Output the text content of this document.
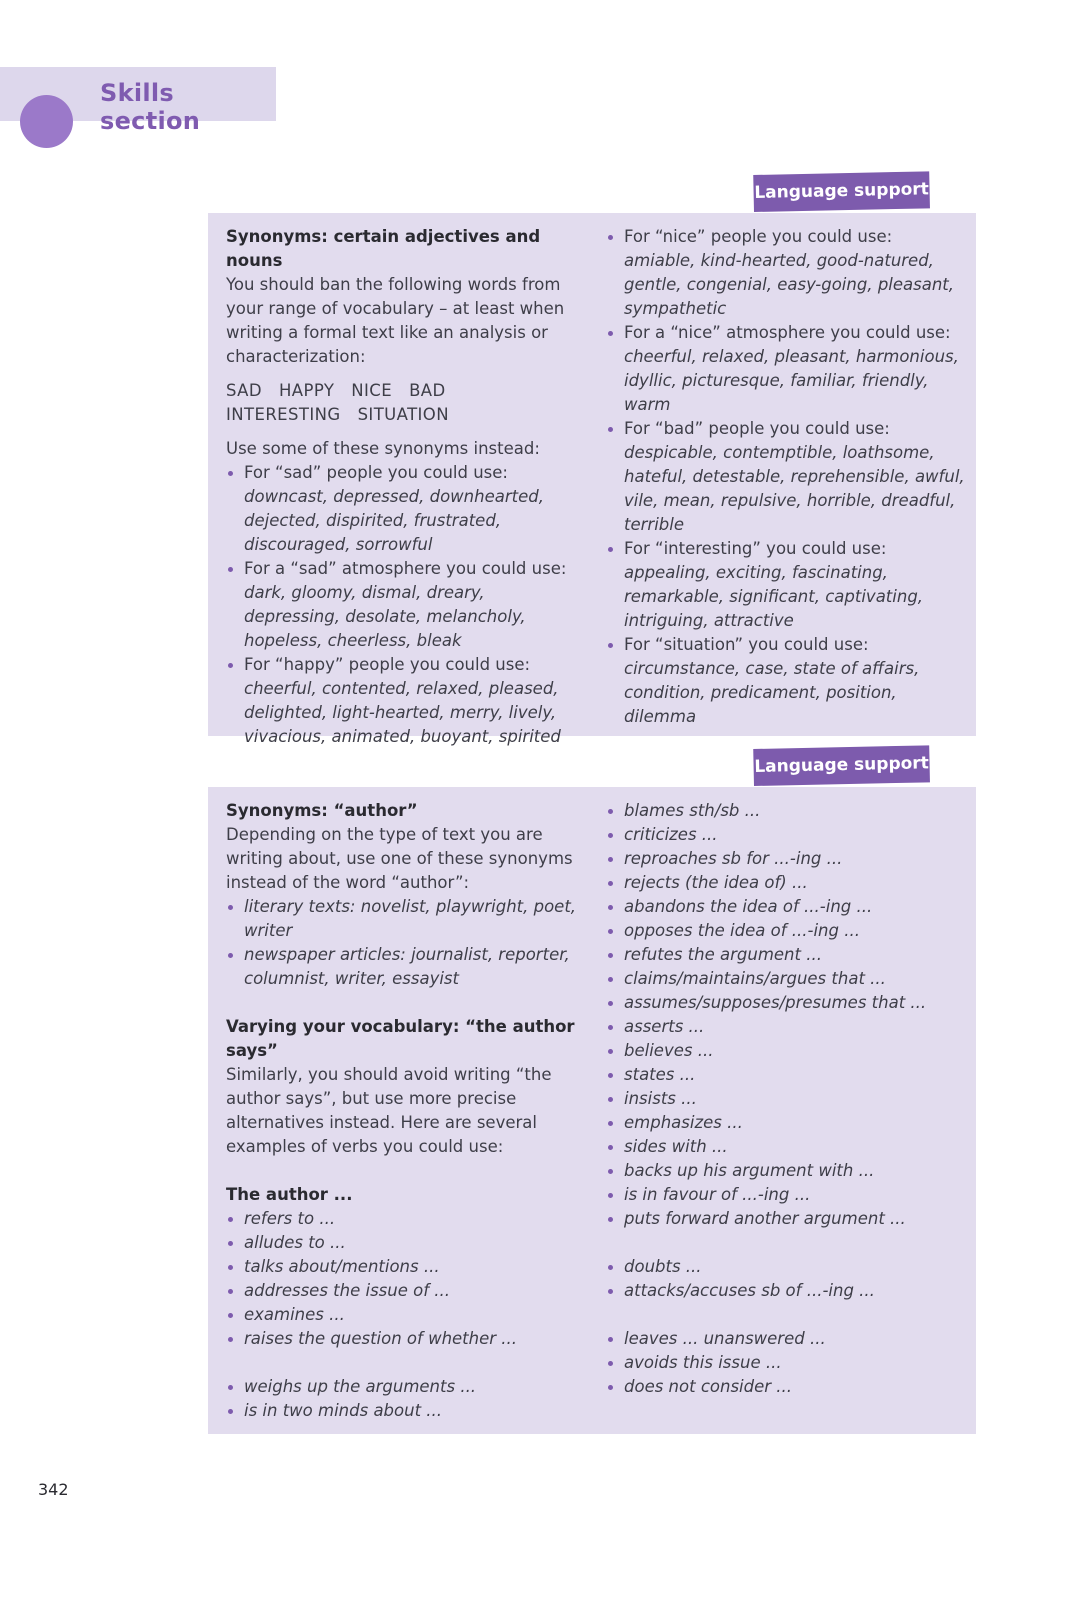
Skills section
Language support
Synonyms: certain adjectives and nouns

You should ban the following words from your range of vocabulary – at least when writing a formal text like an analysis or characterization:

SAD HAPPY NICE BAD
INTERESTING SITUATION

Use some of these synonyms instead:

For “sad” people you could use:
downcast, depressed, downhearted, dejected, dispirited, frustrated, discouraged, sorrowful
For a “sad” atmosphere you could use:
dark, gloomy, dismal, dreary, depressing, desolate, melancholy, hopeless, cheerless, bleak
For “happy” people you could use:
cheerful, contented, relaxed, pleased, delighted, light-hearted, merry, lively, vivacious, animated, buoyant, spirited
For “nice” people you could use:
amiable, kind-hearted, good-natured, gentle, congenial, easy-going, pleasant, sympathetic
For a “nice” atmosphere you could use:
cheerful, relaxed, pleasant, harmonious, idyllic, picturesque, familiar, friendly, warm
For “bad” people you could use:
despicable, contemptible, loathsome, hateful, detestable, reprehensible, awful, vile, mean, repulsive, horrible, dreadful, terrible
For “interesting” you could use:
appealing, exciting, fascinating, remarkable, significant, captivating, intriguing, attractive
For “situation” you could use:
circumstance, case, state of affairs, condition, predicament, position, dilemma
Language support
Synonyms: “author”

Depending on the type of text you are writing about, use one of these synonyms instead of the word “author”:

literary texts: novelist, playwright, poet, writer
newspaper articles: journalist, reporter, columnist, writer, essayist
Varying your vocabulary: “the author says”

Similarly, you should avoid writing “the author says”, but use more precise alternatives instead. Here are several examples of verbs you could use:

The author ...
refers to ...
alludes to ...
talks about/mentions ...
addresses the issue of ...
examines ...
raises the question of whether ...
weighs up the arguments ...
is in two minds about ...
blames sth/sb ...
criticizes ...
reproaches sb for ...-ing ...
rejects (the idea of) ...
abandons the idea of ...-ing ...
opposes the idea of ...-ing ...
refutes the argument ...
claims/maintains/argues that ...
assumes/supposes/presumes that ...
asserts ...
believes ...
states ...
insists ...
emphasizes ...
sides with ...
backs up his argument with ...
is in favour of ...-ing ...
puts forward another argument ...
doubts ...
attacks/accuses sb of ...-ing ...
leaves ... unanswered ...
avoids this issue ...
does not consider ...
342
